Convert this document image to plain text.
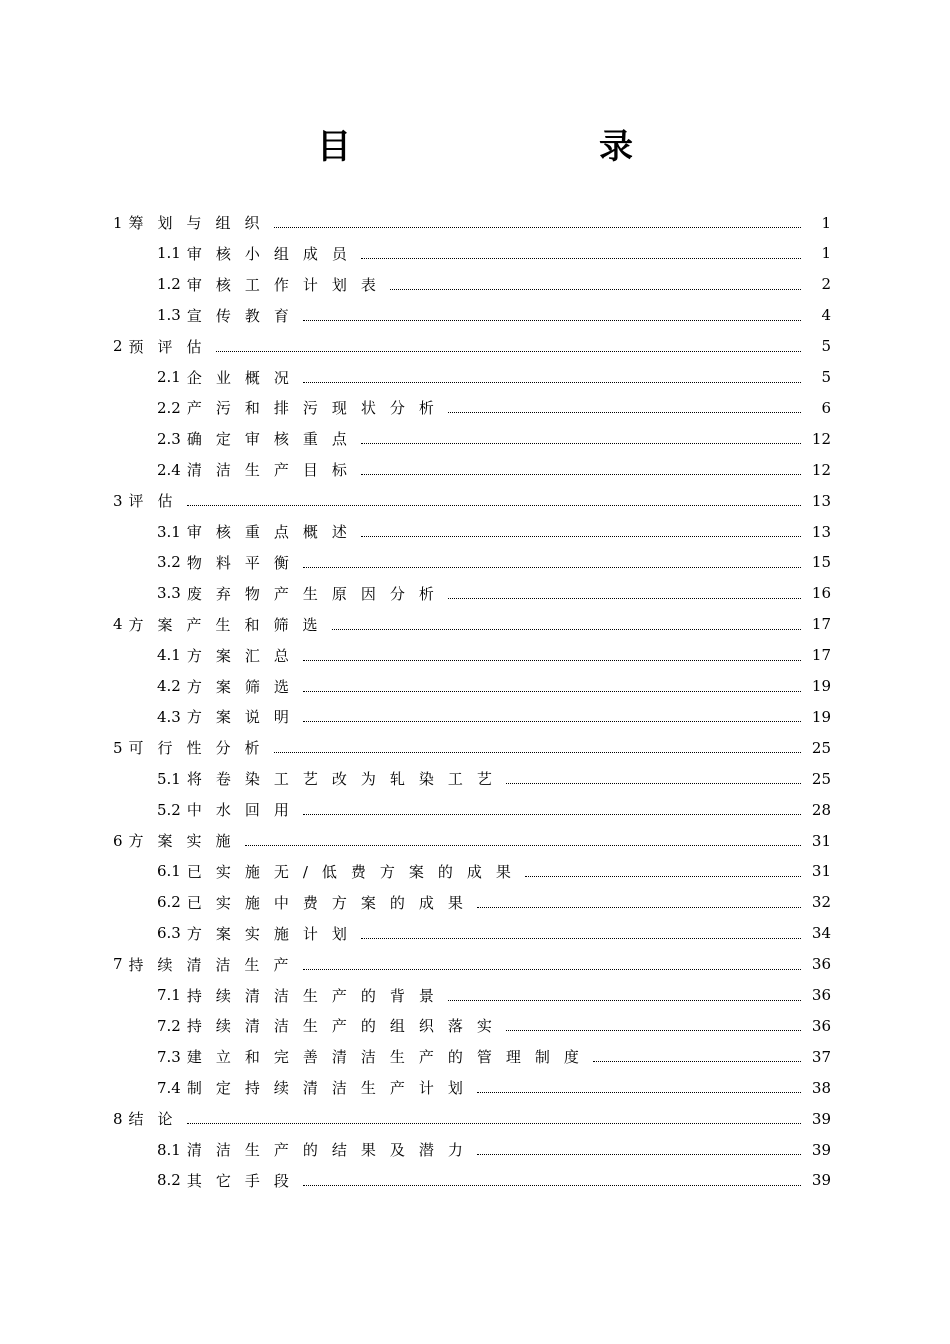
目　　录
1 筹划与组织	1
1.1 审核小组成员	1
1.2 审核工作计划表	2
1.3 宣传教育	4
2 预评估	5
2.1 企业概况	5
2.2 产污和排污现状分析	6
2.3 确定审核重点	12
2.4 清洁生产目标	12
3 评估	13
3.1 审核重点概述	13
3.2 物料平衡	15
3.3 废弃物产生原因分析	16
4 方案产生和筛选	17
4.1 方案汇总	17
4.2 方案筛选	19
4.3 方案说明	19
5 可行性分析	25
5.1 将卷染工艺改为轧染工艺	25
5.2 中水回用	28
6 方案实施	31
6.1 已实施无/低费方案的成果	31
6.2 已实施中费方案的成果	32
6.3 方案实施计划	34
7 持续清洁生产	36
7.1 持续清洁生产的背景	36
7.2 持续清洁生产的组织落实	36
7.3 建立和完善清洁生产的管理制度	37
7.4 制定持续清洁生产计划	38
8 结论	39
8.1 清洁生产的结果及潜力	39
8.2 其它手段	39
